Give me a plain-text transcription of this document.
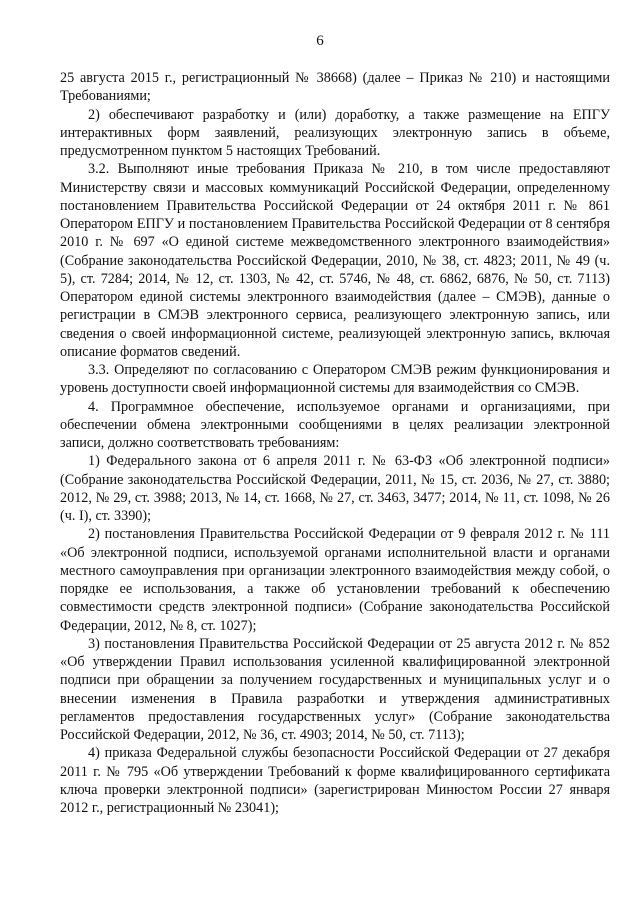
6

25 августа 2015 г., регистрационный № 38668) (далее – Приказ № 210) и настоящими Требованиями;

2) обеспечивают разработку и (или) доработку, а также размещение на ЕПГУ интерактивных форм заявлений, реализующих электронную запись в объеме, предусмотренном пунктом 5 настоящих Требований.

3.2. Выполняют иные требования Приказа № 210, в том числе предоставляют Министерству связи и массовых коммуникаций Российской Федерации, определенному постановлением Правительства Российской Федерации от 24 октября 2011 г. № 861 Оператором ЕПГУ и постановлением Правительства Российской Федерации от 8 сентября 2010 г. № 697 «О единой системе межведомственного электронного взаимодействия» (Собрание законодательства Российской Федерации, 2010, № 38, ст. 4823; 2011, № 49 (ч. 5), ст. 7284; 2014, № 12, ст. 1303, № 42, ст. 5746, № 48, ст. 6862, 6876, № 50, ст. 7113) Оператором единой системы электронного взаимодействия (далее – СМЭВ), данные о регистрации в СМЭВ электронного сервиса, реализующего электронную запись, или сведения о своей информационной системе, реализующей электронную запись, включая описание форматов сведений.

3.3. Определяют по согласованию с Оператором СМЭВ режим функционирования и уровень доступности своей информационной системы для взаимодействия со СМЭВ.

4. Программное обеспечение, используемое органами и организациями, при обеспечении обмена электронными сообщениями в целях реализации электронной записи, должно соответствовать требованиям:

1) Федерального закона от 6 апреля 2011 г. № 63-ФЗ «Об электронной подписи» (Собрание законодательства Российской Федерации, 2011, № 15, ст. 2036, № 27, ст. 3880; 2012, № 29, ст. 3988; 2013, № 14, ст. 1668, № 27, ст. 3463, 3477; 2014, № 11, ст. 1098, № 26 (ч. I), ст. 3390);

2) постановления Правительства Российской Федерации от 9 февраля 2012 г. № 111 «Об электронной подписи, используемой органами исполнительной власти и органами местного самоуправления при организации электронного взаимодействия между собой, о порядке ее использования, а также об установлении требований к обеспечению совместимости средств электронной подписи» (Собрание законодательства Российской Федерации, 2012, № 8, ст. 1027);

3) постановления Правительства Российской Федерации от 25 августа 2012 г. № 852 «Об утверждении Правил использования усиленной квалифицированной электронной подписи при обращении за получением государственных и муниципальных услуг и о внесении изменения в Правила разработки и утверждения административных регламентов предоставления государственных услуг» (Собрание законодательства Российской Федерации, 2012, № 36, ст. 4903; 2014, № 50, ст. 7113);

4) приказа Федеральной службы безопасности Российской Федерации от 27 декабря 2011 г. № 795 «Об утверждении Требований к форме квалифицированного сертификата ключа проверки электронной подписи» (зарегистрирован Минюстом России 27 января 2012 г., регистрационный № 23041);
